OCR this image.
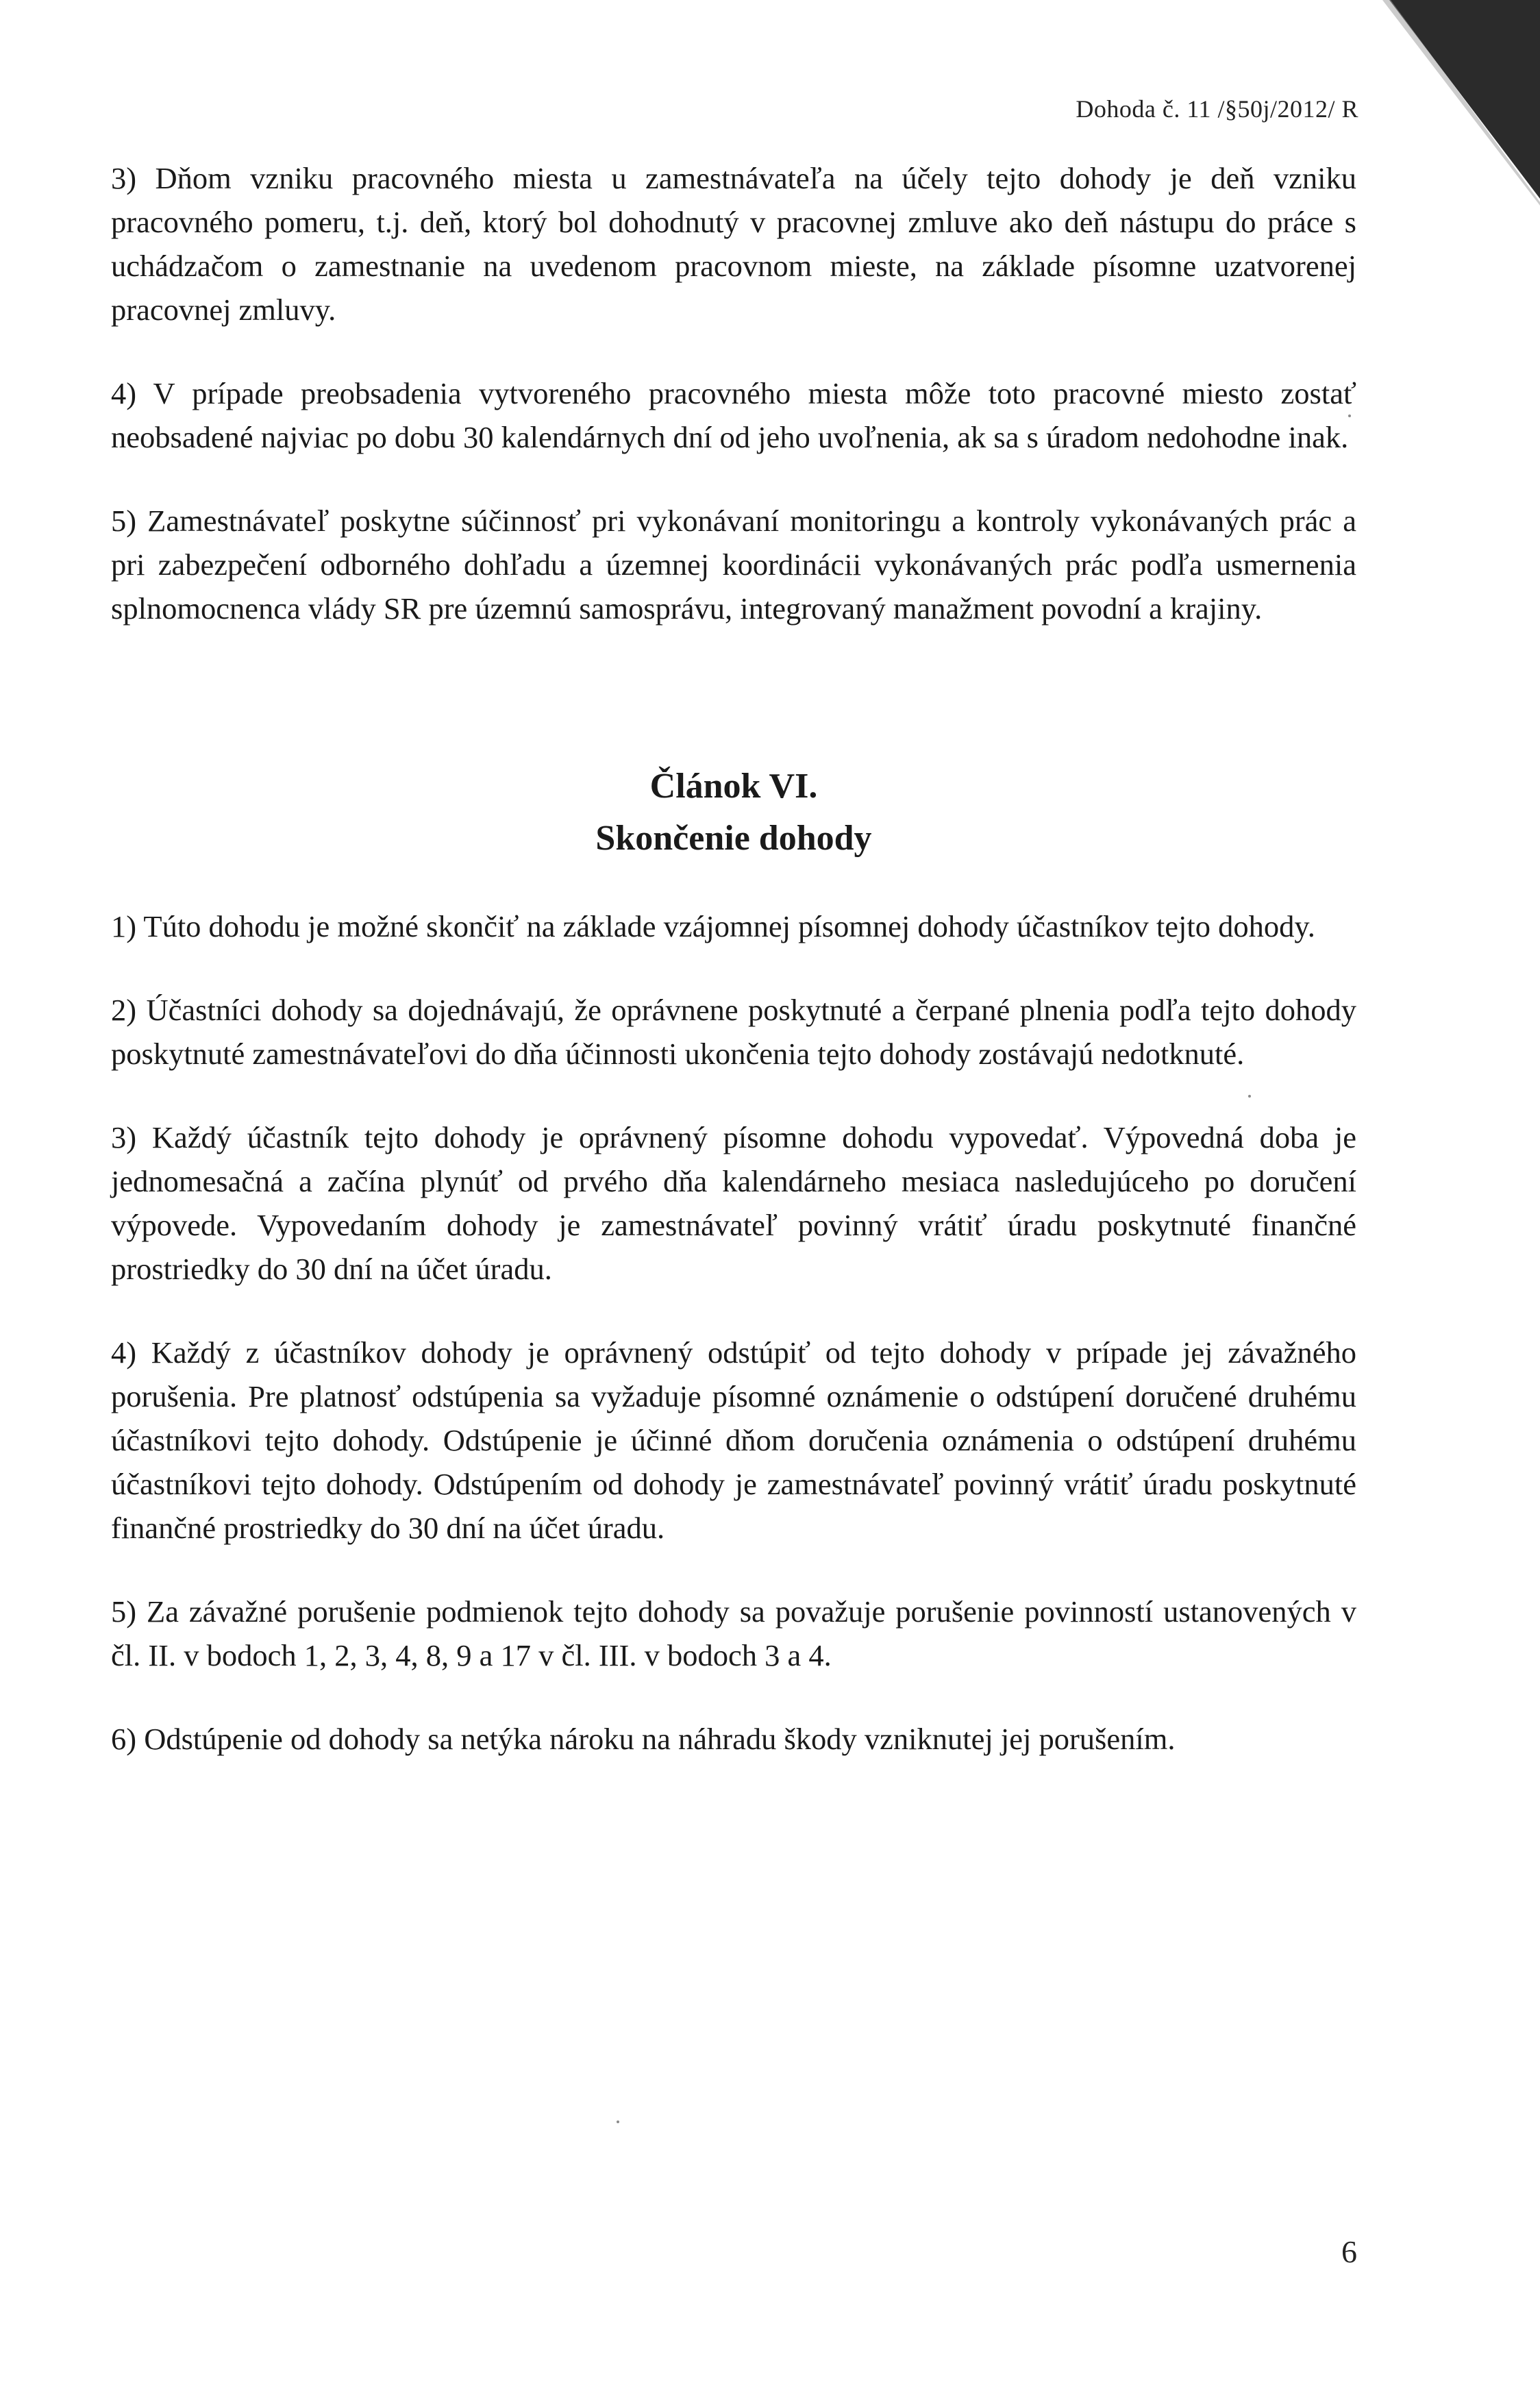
Dohoda č. 11 /§50j/2012/ R

3) Dňom vzniku pracovného miesta u zamestnávateľa na účely tejto dohody je deň vzniku pracovného pomeru, t.j. deň, ktorý bol dohodnutý v pracovnej zmluve ako deň nástupu do práce s uchádzačom o zamestnanie na uvedenom pracovnom mieste, na základe písomne uzatvorenej pracovnej zmluvy.

4) V prípade preobsadenia vytvoreného pracovného miesta môže toto pracovné miesto zostať neobsadené najviac po dobu 30 kalendárnych dní od jeho uvoľnenia, ak sa s úradom nedohodne inak.

5) Zamestnávateľ poskytne súčinnosť pri vykonávaní monitoringu a kontroly vykonávaných prác a pri zabezpečení odborného dohľadu a územnej koordinácii vykonávaných prác podľa usmernenia splnomocnenca vlády SR pre územnú samosprávu, integrovaný manažment povodní a krajiny.

Článok VI.
Skončenie dohody

1) Túto dohodu je možné skončiť na základe vzájomnej písomnej dohody účastníkov tejto dohody.

2) Účastníci dohody sa dojednávajú, že oprávnene poskytnuté a čerpané plnenia podľa tejto dohody poskytnuté zamestnávateľovi do dňa účinnosti ukončenia tejto dohody zostávajú nedotknuté.

3) Každý účastník tejto dohody je oprávnený písomne dohodu vypovedať. Výpovedná doba je jednomesačná a začína plynúť od prvého dňa kalendárneho mesiaca nasledujúceho po doručení výpovede. Vypovedaním dohody je zamestnávateľ povinný vrátiť úradu poskytnuté finančné prostriedky do 30 dní na účet úradu.

4) Každý z účastníkov dohody je oprávnený odstúpiť od tejto dohody v prípade jej závažného porušenia. Pre platnosť odstúpenia sa vyžaduje písomné oznámenie o odstúpení doručené druhému účastníkovi tejto dohody. Odstúpenie je účinné dňom doručenia oznámenia o odstúpení druhému účastníkovi tejto dohody. Odstúpením od dohody je zamestnávateľ povinný vrátiť úradu poskytnuté finančné prostriedky do 30 dní na účet úradu.

5) Za závažné porušenie podmienok tejto dohody sa považuje porušenie povinností ustanovených v čl. II. v bodoch 1, 2, 3, 4, 8, 9 a 17 v čl. III. v bodoch 3 a 4.

6) Odstúpenie od dohody sa netýka nároku na náhradu škody vzniknutej jej porušením.

6
